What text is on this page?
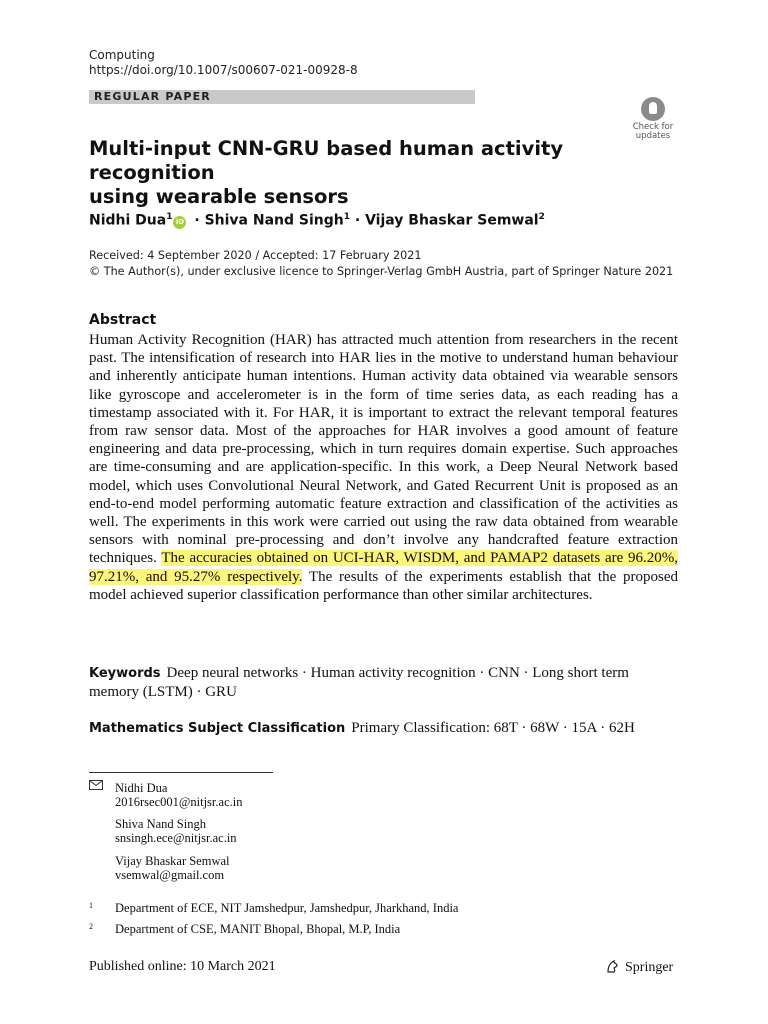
Computing
https://doi.org/10.1007/s00607-021-00928-8
REGULAR PAPER
Check for
updates
Multi-input CNN-GRU based human activity recognition
using wearable sensors
Nidhi Dua$^1$ iD · Shiva Nand Singh$^1$ · Vijay Bhaskar Semwal$^2$
Received: 4 September 2020 / Accepted: 17 February 2021
© The Author(s), under exclusive licence to Springer-Verlag GmbH Austria, part of Springer Nature 2021
Abstract
Human Activity Recognition (HAR) has attracted much attention from researchers in the recent past. The intensification of research into HAR lies in the motive to understand human behaviour and inherently anticipate human intentions. Human activity data obtained via wearable sensors like gyroscope and accelerometer is in the form of time series data, as each reading has a timestamp associated with it. For HAR, it is important to extract the relevant temporal features from raw sensor data. Most of the approaches for HAR involves a good amount of feature engineering and data pre-processing, which in turn requires domain expertise. Such approaches are time-consuming and are application-specific. In this work, a Deep Neural Network based model, which uses Convolutional Neural Network, and Gated Recurrent Unit is proposed as an end-to-end model performing automatic feature extraction and classification of the activities as well. The experiments in this work were carried out using the raw data obtained from wearable sensors with nominal pre-processing and don’t involve any handcrafted feature extraction techniques. The accuracies obtained on UCI-HAR, WISDM, and PAMAP2 datasets are 96.20%, 97.21%, and 95.27% respectively. The results of the experiments establish that the proposed model achieved superior classification performance than other similar architectures.
Keywords Deep neural networks · Human activity recognition · CNN · Long short term memory (LSTM) · GRU
Mathematics Subject Classification Primary Classification: 68T · 68W · 15A · 62H
Nidhi Dua
2016rsec001@nitjsr.ac.in
Shiva Nand Singh
snsingh.ece@nitjsr.ac.in
Vijay Bhaskar Semwal
vsemwal@gmail.com
1 Department of ECE, NIT Jamshedpur, Jamshedpur, Jharkhand, India
2 Department of CSE, MANIT Bhopal, Bhopal, M.P, India
Published online: 10 March 2021	Springer
